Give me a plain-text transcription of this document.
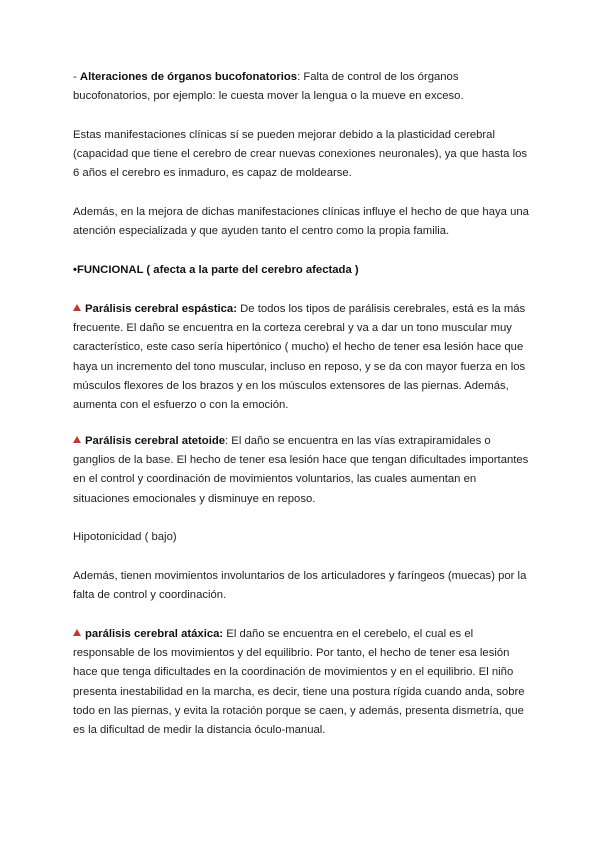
- Alteraciones de órganos bucofonatorios: Falta de control de los órganos bucofonatorios, por ejemplo: le cuesta mover la lengua o la mueve en exceso.

Estas manifestaciones clínicas sí se pueden mejorar debido a la plasticidad cerebral (capacidad que tiene el cerebro de crear nuevas conexiones neuronales), ya que hasta los 6 años el cerebro es inmaduro, es capaz de moldearse.

Además, en la mejora de dichas manifestaciones clínicas influye el hecho de que haya una atención especializada y que ayuden tanto el centro como la propia familia.

•FUNCIONAL ( afecta a la parte del cerebro afectada )

Parálisis cerebral espástica: De todos los tipos de parálisis cerebrales, está es la más frecuente. El daño se encuentra en la corteza cerebral y va a dar un tono muscular muy característico, este caso sería hipertónico ( mucho) el hecho de tener esa lesión hace que haya un incremento del tono muscular, incluso en reposo, y se da con mayor fuerza en los músculos flexores de los brazos y en los músculos extensores de las piernas. Además, aumenta con el esfuerzo o con la emoción.

Parálisis cerebral atetoide: El daño se encuentra en las vías extrapiramidales o ganglios de la base. El hecho de tener esa lesión hace que tengan dificultades importantes en el control y coordinación de movimientos voluntarios, las cuales aumentan en situaciones emocionales y disminuye en reposo.

Hipotonicidad ( bajo)

Además, tienen movimientos involuntarios de los articuladores y faríngeos (muecas) por la falta de control y coordinación.

parálisis cerebral atáxica: El daño se encuentra en el cerebelo, el cual es el responsable de los movimientos y del equilibrio. Por tanto, el hecho de tener esa lesión hace que tenga dificultades en la coordinación de movimientos y en el equilibrio. El niño presenta inestabilidad en la marcha, es decir, tiene una postura rígida cuando anda, sobre todo en las piernas, y evita la rotación porque se caen, y además, presenta dismetría, que es la dificultad de medir la distancia óculo-manual.
